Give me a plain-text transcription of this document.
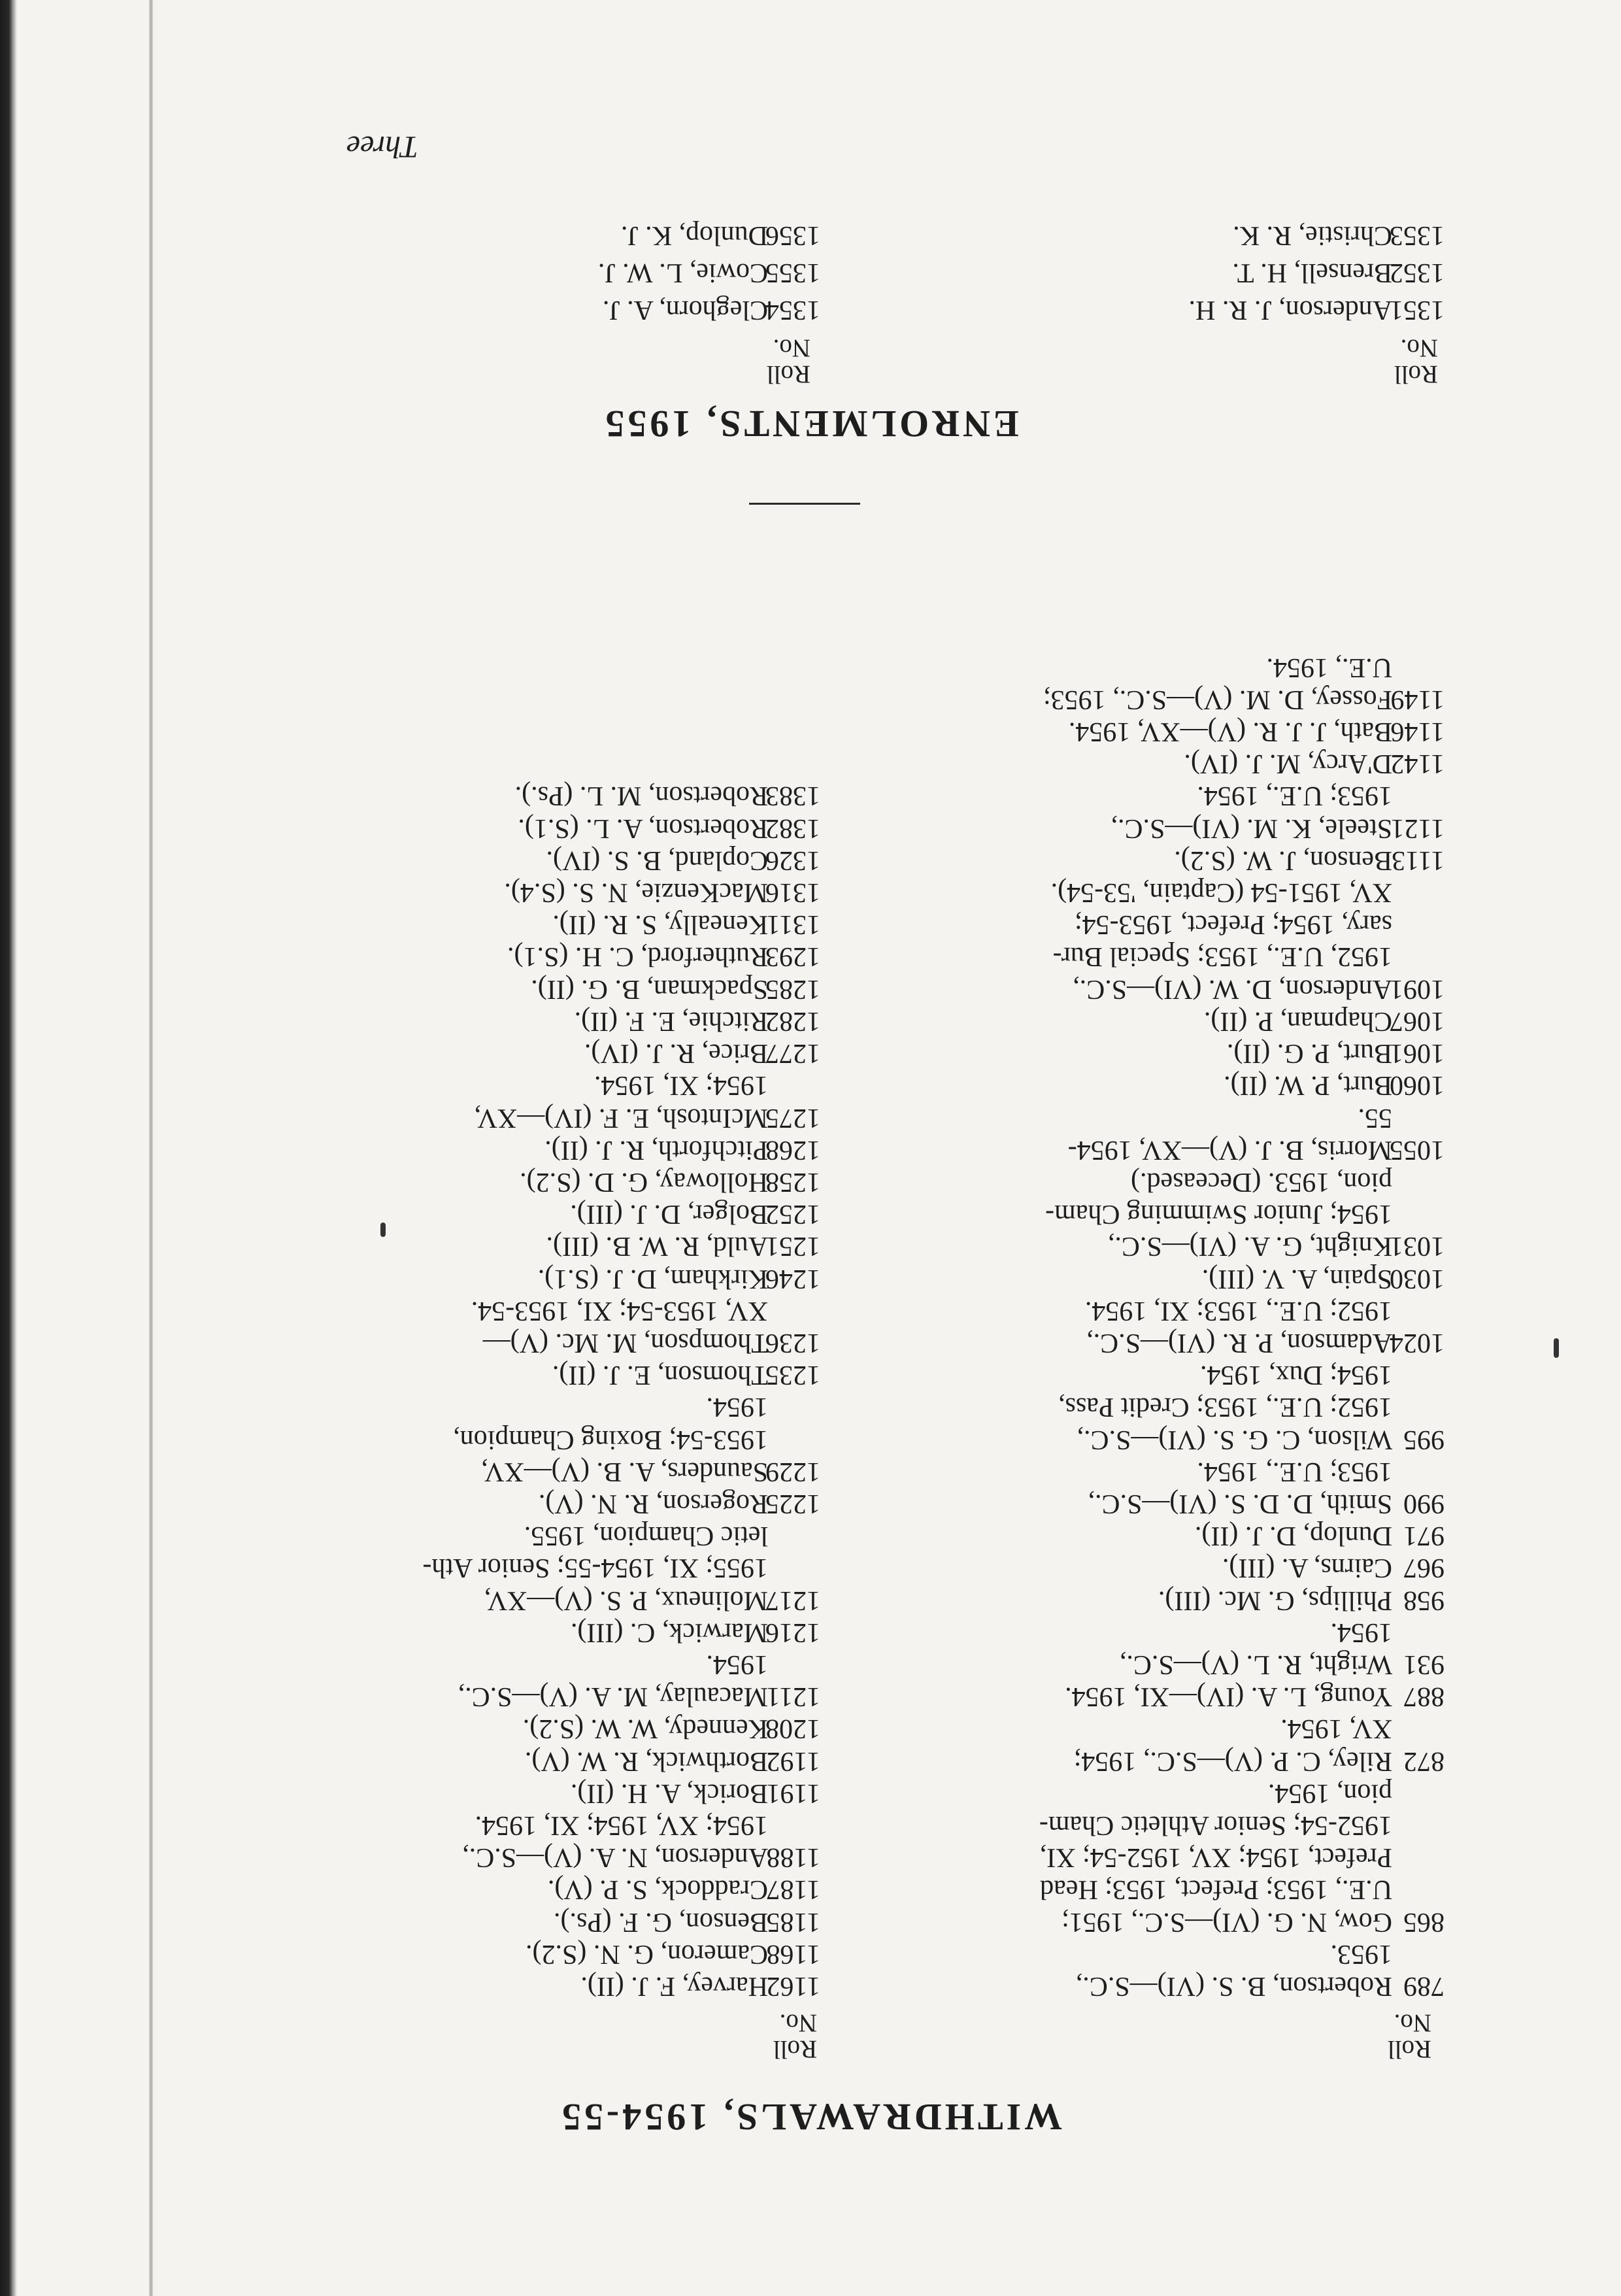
WITHDRAWALS, 1954-55
Roll
No.
Roll
No.
789
Robertson, B. S. (VI)—S.C.,
1953.
865
Gow, N. G. (VI)—S.C., 1951;
U.E., 1953; Prefect, 1953; Head
Prefect, 1954; XV, 1952-54; XI,
1952-54; Senior Athletic Cham-
pion, 1954.
872
Riley, C. P. (V)—S.C., 1954;
XV, 1954.
887
Young, L. A. (IV)—XI, 1954.
931
Wright, R. L. (V)—S.C.,
1954.
958
Phillips, G. Mc. (III).
967
Cairns, A. (III).
971
Dunlop, D. J. (II).
990
Smith, D. D. S. (VI)—S.C.,
1953; U.E., 1954.
995
Wilson, C. G. S. (VI)—S.C.,
1952; U.E., 1953; Credit Pass,
1954; Dux, 1954.
1024
Adamson, P. R. (VI)—S.C.,
1952; U.E., 1953; XI, 1954.
1030
Spain, A. V. (III).
1031
Knight, G. A. (VI)—S.C.,
1954; Junior Swimming Cham-
pion, 1953. (Deceased.)
1055
Morris, B. J. (V)—XV, 1954-
55.
1060
Burt, P. W. (II).
1061
Burt, P. G. (II).
1067
Chapman, P. (II).
1091
Anderson, D. W. (VI)—S.C.,
1952, U.E., 1953; Special Bur-
sary, 1954; Prefect, 1953-54;
XV, 1951-54 (Captain, '53-54).
1113
Benson, J. W. (S.2).
1121
Steele, K. M. (VI)—S.C.,
1953; U.E., 1954.
1142
D'Arcy, M. J. (IV).
1146
Bath, J. J. R. (V)—XV, 1954.
1149
Fossey, D. M. (V)—S.C., 1953;
U.E., 1954.
1162
Harvey, F. J. (II).
1168
Cameron, G. N. (S.2).
1185
Benson, G. F. (Ps.).
1187
Craddock, S. P. (V).
1188
Anderson, N. A. (V)—S.C.,
1954; XV, 1954; XI, 1954.
1191
Borick, A. H. (II).
1192
Borthwick, R. W. (V).
1208
Kennedy, W. W. (S.2).
1211
Macaulay, M. A. (V)—S.C.,
1954.
1216
Marwick, C. (III).
1217
Molineux, P. S. (V)—XV,
1955; XI, 1954-55; Senior Ath-
letic Champion, 1955.
1225
Rogerson, R. N. (V).
1229
Saunders, A. B. (V)—XV,
1953-54; Boxing Champion,
1954.
1235
Thomson, E. J. (II).
1236
Thompson, M. Mc. (V)—
XV, 1953-54; XI, 1953-54.
1246
Kirkham, D. J. (S.1).
1251
Auld, R. W. B. (III).
1252
Bolger, D. J. (III).
1258
Holloway, G. D. (S.2).
1268
Pitchforth, R. J. (II).
1275
McIntosh, E. F. (IV)—XV,
1954; XI, 1954.
1277
Brice, R. J. (IV).
1282
Ritchie, E. F. (II).
1285
Spackman, B. G. (II).
1293
Rutherford, C. H. (S.1).
1311
Keneally, S. R. (II).
1316
MacKenzie, N. S. (S.4).
1326
Copland, B. S. (IV).
1382
Robertson, A. L. (S.1).
1383
Robertson, M. L. (Ps.).
ENROLMENTS, 1955
Roll
No.
Roll
No.
1351
Anderson, J. R. H.
1352
Brensell, H. T.
1353
Christie, R. K.
1354
Cleghorn, A. J.
1355
Cowie, L. W. J.
1356
Dunlop, K. J.
Three
